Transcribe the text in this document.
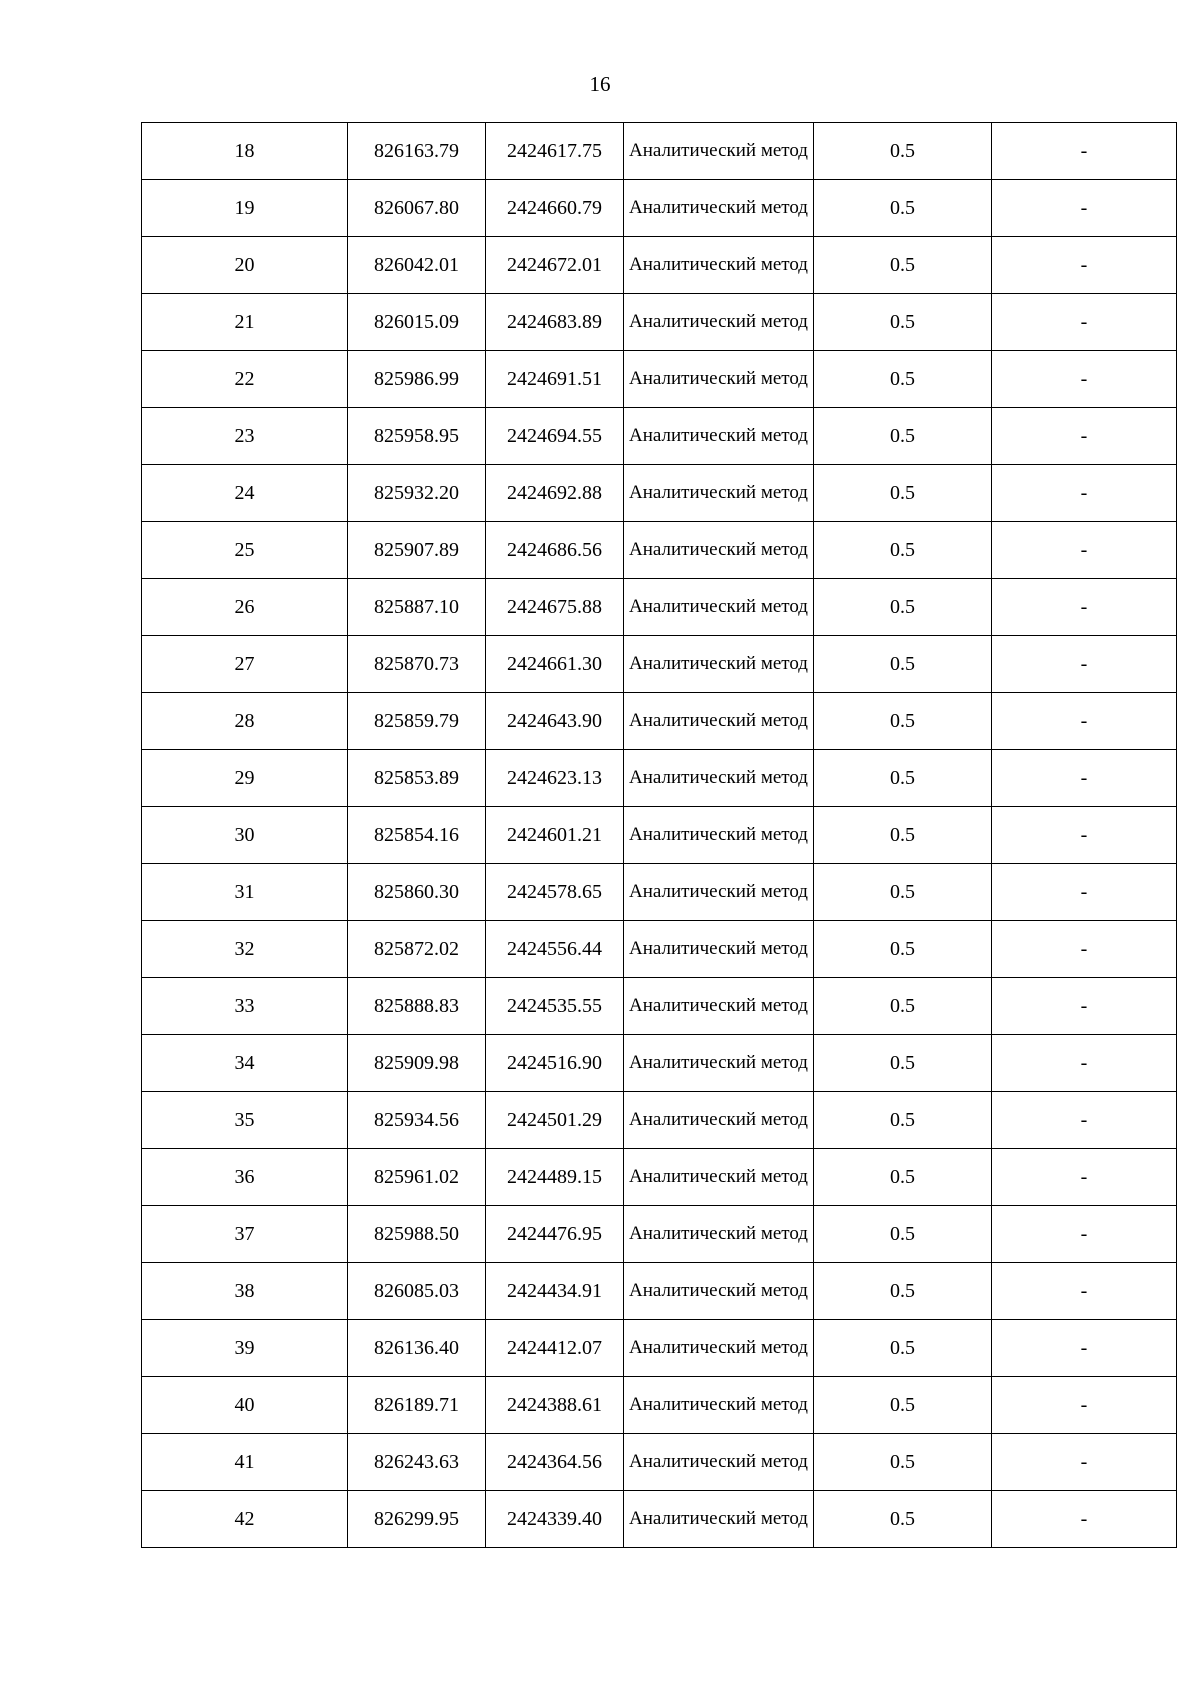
16
18	826163.79	2424617.75	Аналитический метод	0.5	-
19	826067.80	2424660.79	Аналитический метод	0.5	-
20	826042.01	2424672.01	Аналитический метод	0.5	-
21	826015.09	2424683.89	Аналитический метод	0.5	-
22	825986.99	2424691.51	Аналитический метод	0.5	-
23	825958.95	2424694.55	Аналитический метод	0.5	-
24	825932.20	2424692.88	Аналитический метод	0.5	-
25	825907.89	2424686.56	Аналитический метод	0.5	-
26	825887.10	2424675.88	Аналитический метод	0.5	-
27	825870.73	2424661.30	Аналитический метод	0.5	-
28	825859.79	2424643.90	Аналитический метод	0.5	-
29	825853.89	2424623.13	Аналитический метод	0.5	-
30	825854.16	2424601.21	Аналитический метод	0.5	-
31	825860.30	2424578.65	Аналитический метод	0.5	-
32	825872.02	2424556.44	Аналитический метод	0.5	-
33	825888.83	2424535.55	Аналитический метод	0.5	-
34	825909.98	2424516.90	Аналитический метод	0.5	-
35	825934.56	2424501.29	Аналитический метод	0.5	-
36	825961.02	2424489.15	Аналитический метод	0.5	-
37	825988.50	2424476.95	Аналитический метод	0.5	-
38	826085.03	2424434.91	Аналитический метод	0.5	-
39	826136.40	2424412.07	Аналитический метод	0.5	-
40	826189.71	2424388.61	Аналитический метод	0.5	-
41	826243.63	2424364.56	Аналитический метод	0.5	-
42	826299.95	2424339.40	Аналитический метод	0.5	-
